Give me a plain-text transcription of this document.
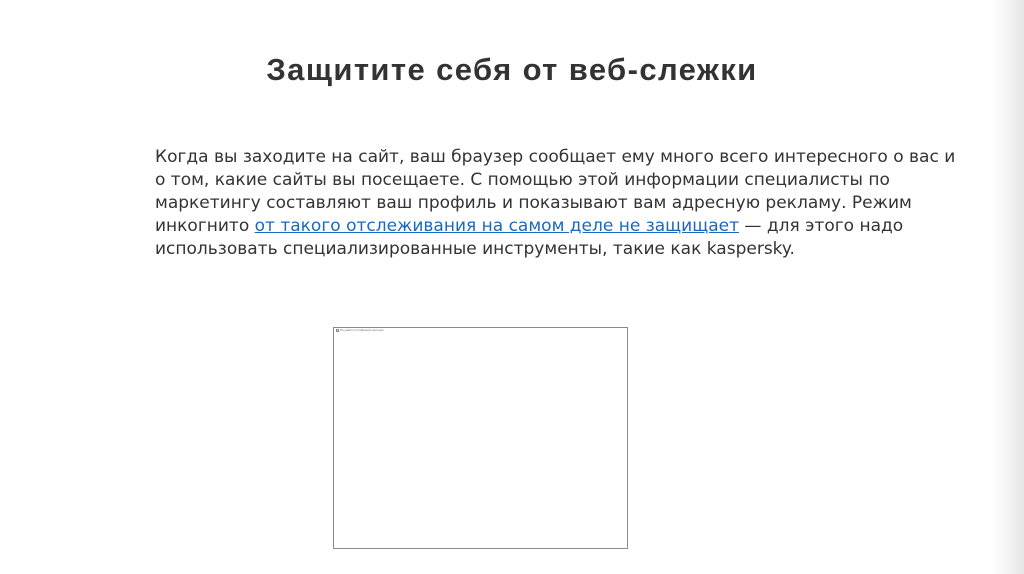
Защитите себя от веб-слежки

Когда вы заходите на сайт, ваш браузер сообщает ему много всего интересного о вас и о том, какие сайты вы посещаете. С помощью этой информации специалисты по маркетингу составляют ваш профиль и показывают вам адресную рекламу. Режим инкогнито от такого отслеживания на самом деле не защищает — для этого надо использовать специализированные инструменты, такие как kaspersky.

Не удается отобразить рисунок
